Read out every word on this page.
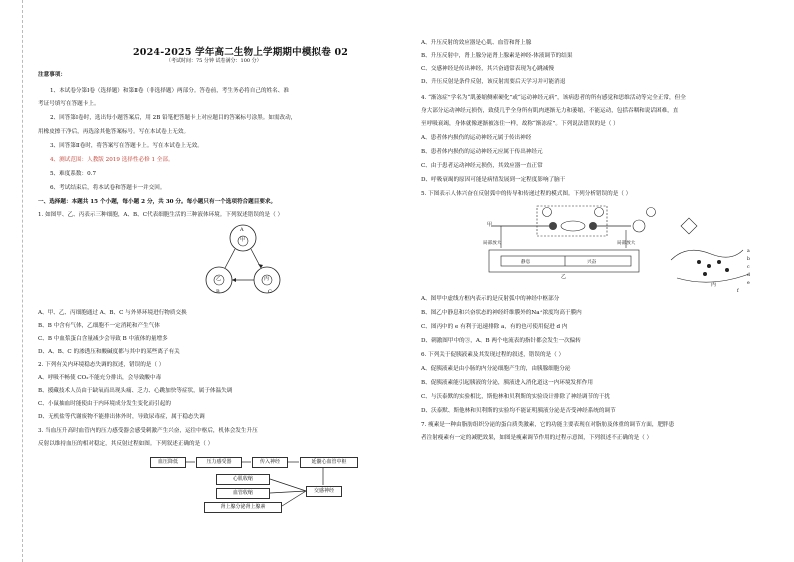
2024-2025 学年高二生物上学期期中模拟卷 02
（考试时间：75 分钟 试卷满分：100 分）
注意事项：
1、本试卷分第Ⅰ卷（选择题）和第Ⅱ卷（非选择题）两部分。答卷前，考生务必将自己的姓名、准
考证号填写在答题卡上。
2、回答第Ⅰ卷时，选出每小题答案后，用 2B 铅笔把答题卡上对应题目的答案标号涂黑。如需改动，
用橡皮擦干净后，再选涂其他答案标号。写在本试卷上无效。
3、回答第Ⅱ卷时，将答案写在答题卡上。写在本试卷上无效。
4、测试范围：人教版 2019 选择性必修 1 全部。
5、难度系数：0.7
6、考试结束后，将本试卷和答题卡一并交回。
一、选择题：本题共 15 个小题，每小题 2 分，共 30 分。每小题只有一个选项符合题目要求。
1. 如图甲、乙、丙表示三种细胞，A、B、C代表细胞生活的三种液体环境。下列叙述错误的是（ ）
A
甲
乙
B
丙
C
A、甲、乙、丙细胞通过 A、B、C 与外界环境进行物质交换
B、B 中含有气体，乙细胞不一定消耗和产生气体
C、B 中血浆蛋白含量减少会导致 B 中液体的量增多
D、A、B、C 的渗透压和酸碱度都与其中的某些离子有关
2. 下列有关内环境稳态失调的叙述，错误的是（ ）
A、呼吸不畅使 CO₂不能充分排出，会导致酸中毒
B、援藏技术人员由于缺氧而出现头痛、乏力、心跳加快等症状，属于体温失调
C、小鼠抽血时能使由于内环境成分发生变化而引起的
D、无机盐等代谢废物不能排出体外时，导致尿毒症，属于稳态失调
3. 当血压升高时血管内的压力感受器会感受刺激产生兴奋，运往中枢后，机体会发生升压
反射以维持血压的相对稳定，其反射过程如图。下列叙述正确的是（ ）
血压降低	压力感受器	传入神经	延髓心血管中枢
心肌收缩
血管收缩
肾上腺分泌肾上腺素
交感神经
A、升压反射的效应器是心肌、血管和肾上腺
B、升压反射中，肾上腺分泌肾上腺素是神经-体液调节的结果
C、交感神经是传出神经，其兴奋通常表现为心跳减慢
D、升压反射是条件反射，该反射需要后天学习并可能消退
4. “渐冻症”学名为“肌萎缩侧索硬化”或“运动神经元病”，该病患者的所有感觉和思维活动等完全正常，但全
身大部分运动神经元损伤，致使几乎全身所有肌肉逐渐无力和萎缩，不能运动，包括吞咽和说话困难，直
至呼吸衰竭，身体就像逐渐被冻住一样，故称“渐冻症”。下列说法错误的是（ ）
A、患者体内损伤的运动神经元属于传出神经
B、患者体内损伤的运动神经元应属于传出神经元
C、由于患者运动神经元损伤，其效应器一直正常
D、呼吸衰竭的原因可能是病情发展到一定程度影响了脑干
5. 下图表示人体兴奋在反射弧中的传导和传递过程的模式图。下列分析错误的是（ ）
甲
局部放大	局部放大
静息	兴奋
乙
丙
a
b
c
d
e
f
A、图甲中虚线方框内表示的是反射弧中的神经中枢部分
B、图乙中静息和兴奋状态的神经纤维膜外的Na⁺浓度均高于膜内
C、图丙中的 e 有利于迅速排除 a，有的也可使用促进 d 内
D、刺激图甲中的③，A、B 两个电流表的指针都会发生一次偏转
6. 下列关于促胰液素及其发现过程的叙述，错误的是（ ）
A、促胰液素是由小肠的内分泌细胞产生的，由胰腺细胞分泌
B、促胰液素能引起胰液的分泌，胰液进入消化道这一内环境发挥作用
C、与沃泰默的实验相比，斯他林和贝利斯的实验设计排除了神经调节的干扰
D、沃泰默、斯他林和贝利斯的实验均不能证明胰液分泌是否受神经系统的调节
7. 瘦素是一种由脂肪组织分泌的蛋白质类激素，它的功能主要表现在对脂肪及体重的调节方面，肥胖患
者注射瘦素有一定的减肥效果，如图是瘦素调节作用的过程示意图，下列叙述不正确的是（ ）
